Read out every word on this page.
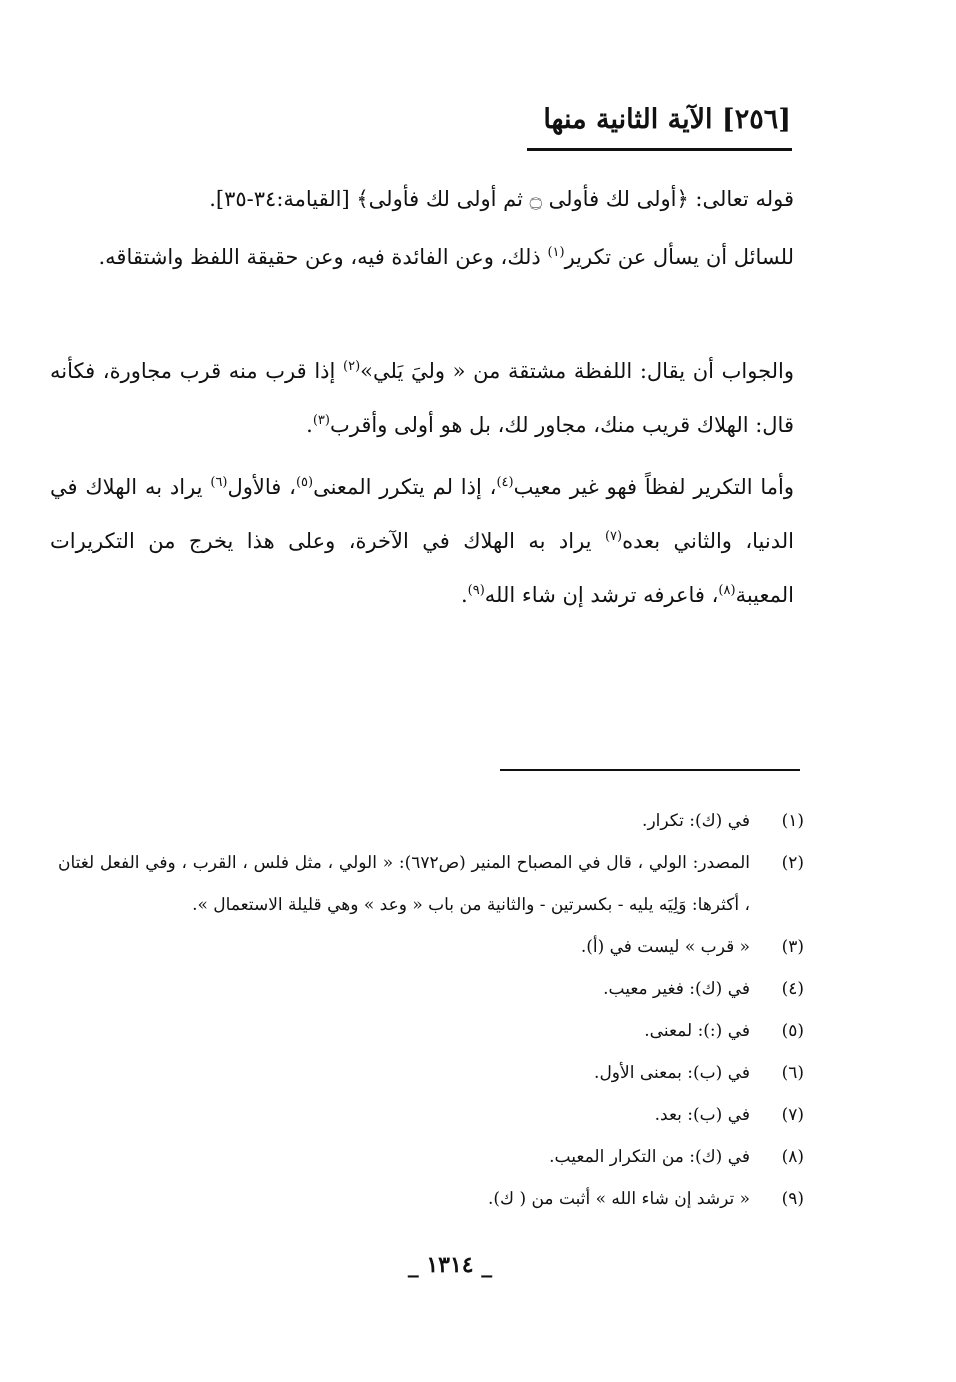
[٢٥٦] الآية الثانية منها
قوله تعالى: ﴿أولى لك فأولى ۝ ثم أولى لك فأولى﴾ [القيامة:٣٤-٣٥].
للسائل أن يسأل عن تكرير$^{(١)}$ ذلك، وعن الفائدة فيه، وعن حقيقة اللفظ واشتقاقه.
والجواب أن يقال: اللفظة مشتقة من « وليَ يَلي»$^{(٢)}$ إذا قرب منه قرب مجاورة، فكأنه قال: الهلاك قريب منك، مجاور لك، بل هو أولى وأقرب$^{(٣)}$.
وأما التكرير لفظاً فهو غير معيب$^{(٤)}$، إذا لم يتكرر المعنى$^{(٥)}$، فالأول$^{(٦)}$ يراد به الهلاك في الدنيا، والثاني بعده$^{(٧)}$ يراد به الهلاك في الآخرة، وعلى هذا يخرج من التكريرات المعيبة$^{(٨)}$، فاعرفه ترشد إن شاء الله$^{(٩)}$.
(١)
في (ك): تكرار.
(٢)
المصدر: الولي ، قال في المصباح المنير (ص٦٧٢): « الولي ، مثل فلس ، القرب ، وفي الفعل لغتان ، أكثرها: وَلِيَه يليه - بكسرتين - والثانية من باب « وعد » وهي قليلة الاستعمال ».
(٣)
« قرب » ليست في (أ).
(٤)
في (ك): فغير معيب.
(٥)
في (:): لمعنى.
(٦)
في (ب): بمعنى الأول.
(٧)
في (ب): بعد.
(٨)
في (ك): من التكرار المعيب.
(٩)
« ترشد إن شاء الله » أثبت من ( ك).
_ ١٣١٤ _
